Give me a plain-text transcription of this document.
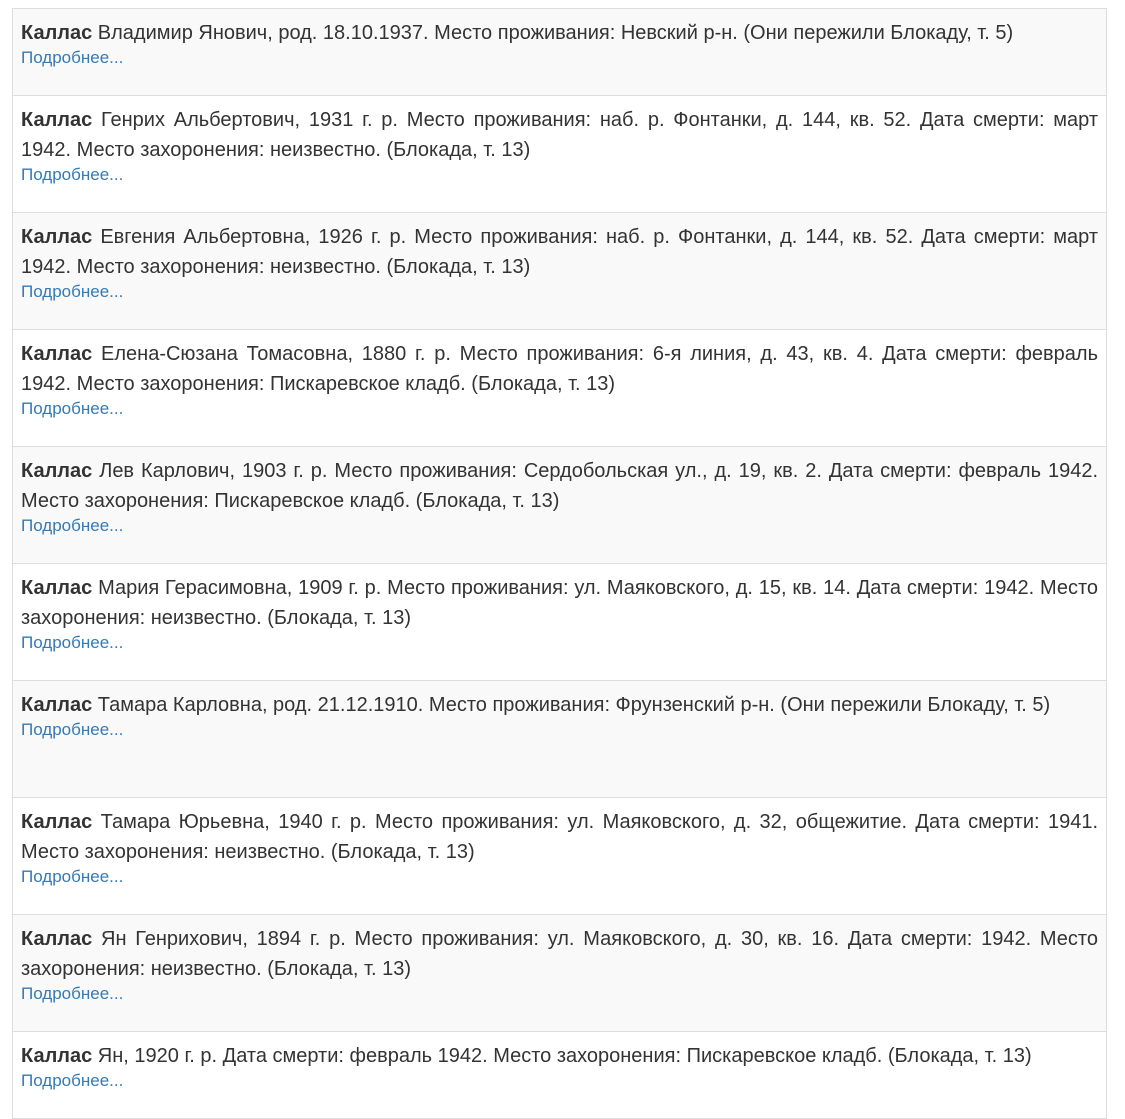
Каллас Владимир Янович, род. 18.10.1937. Место проживания: Невский р-н. (Они пережили Блокаду, т. 5)
Подробнее...
Каллас Генрих Альбертович, 1931 г. р. Место проживания: наб. р. Фонтанки, д. 144, кв. 52. Дата смерти: март 1942. Место захоронения: неизвестно. (Блокада, т. 13)
Подробнее...
Каллас Евгения Альбертовна, 1926 г. р. Место проживания: наб. р. Фонтанки, д. 144, кв. 52. Дата смерти: март 1942. Место захоронения: неизвестно. (Блокада, т. 13)
Подробнее...
Каллас Елена-Сюзана Томасовна, 1880 г. р. Место проживания: 6-я линия, д. 43, кв. 4. Дата смерти: февраль 1942. Место захоронения: Пискаревское кладб. (Блокада, т. 13)
Подробнее...
Каллас Лев Карлович, 1903 г. р. Место проживания: Сердобольская ул., д. 19, кв. 2. Дата смерти: февраль 1942. Место захоронения: Пискаревское кладб. (Блокада, т. 13)
Подробнее...
Каллас Мария Герасимовна, 1909 г. р. Место проживания: ул. Маяковского, д. 15, кв. 14. Дата смерти: 1942. Место захоронения: неизвестно. (Блокада, т. 13)
Подробнее...
Каллас Тамара Карловна, род. 21.12.1910. Место проживания: Фрунзенский р-н. (Они пережили Блокаду, т. 5)
Подробнее...
Каллас Тамара Юрьевна, 1940 г. р. Место проживания: ул. Маяковского, д. 32, общежитие. Дата смерти: 1941. Место захоронения: неизвестно. (Блокада, т. 13)
Подробнее...
Каллас Ян Генрихович, 1894 г. р. Место проживания: ул. Маяковского, д. 30, кв. 16. Дата смерти: 1942. Место захоронения: неизвестно. (Блокада, т. 13)
Подробнее...
Каллас Ян, 1920 г. р. Дата смерти: февраль 1942. Место захоронения: Пискаревское кладб. (Блокада, т. 13)
Подробнее...
